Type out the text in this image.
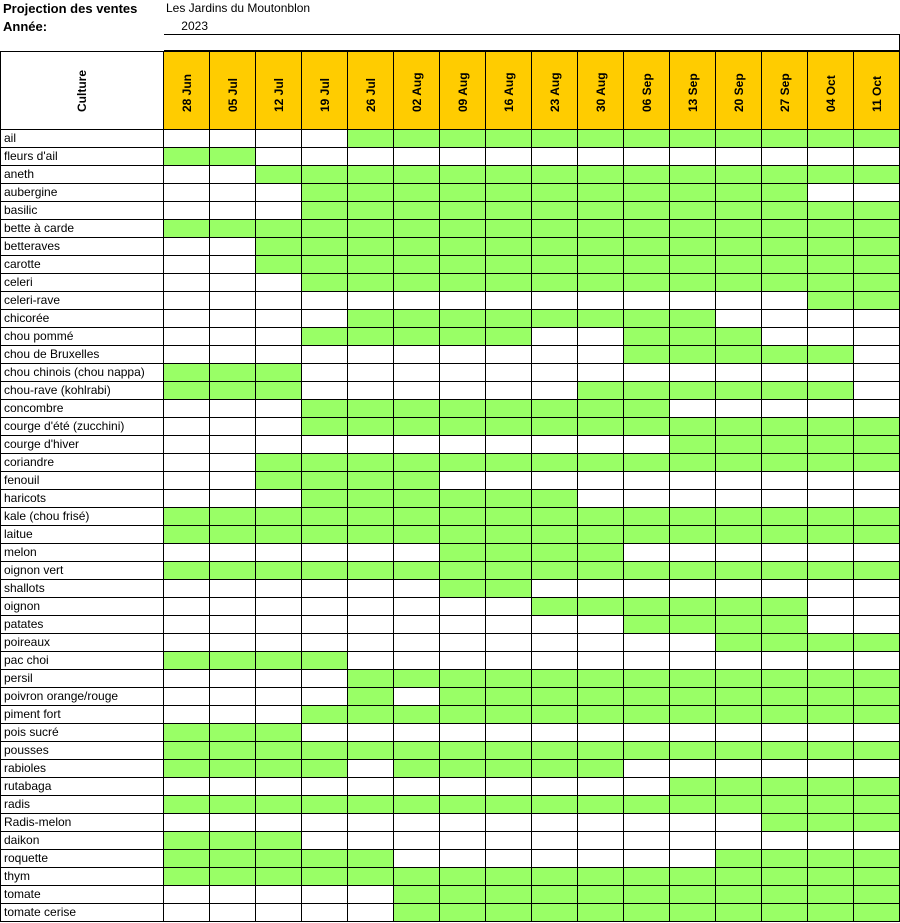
Projection des ventes	Les Jardins du Moutonblon
Année:	2023
Culture	28 Jun	05 Jul	12 Jul	19 Jul	26 Jul	02 Aug	09 Aug	16 Aug	23 Aug	30 Aug	06 Sep	13 Sep	20 Sep	27 Sep	04 Oct	11 Oct
ail
fleurs d'ail
aneth
aubergine
basilic
bette à carde
betteraves
carotte
celeri
celeri-rave
chicorée
chou pommé
chou de Bruxelles
chou chinois (chou nappa)
chou-rave (kohlrabi)
concombre
courge d'été (zucchini)
courge d'hiver
coriandre
fenouil
haricots
kale (chou frisé)
laitue
melon
oignon vert
shallots
oignon
patates
poireaux
pac choi
persil
poivron orange/rouge
piment fort
pois sucré
pousses
rabioles
rutabaga
radis
Radis-melon
daikon
roquette
thym
tomate
tomate cerise
